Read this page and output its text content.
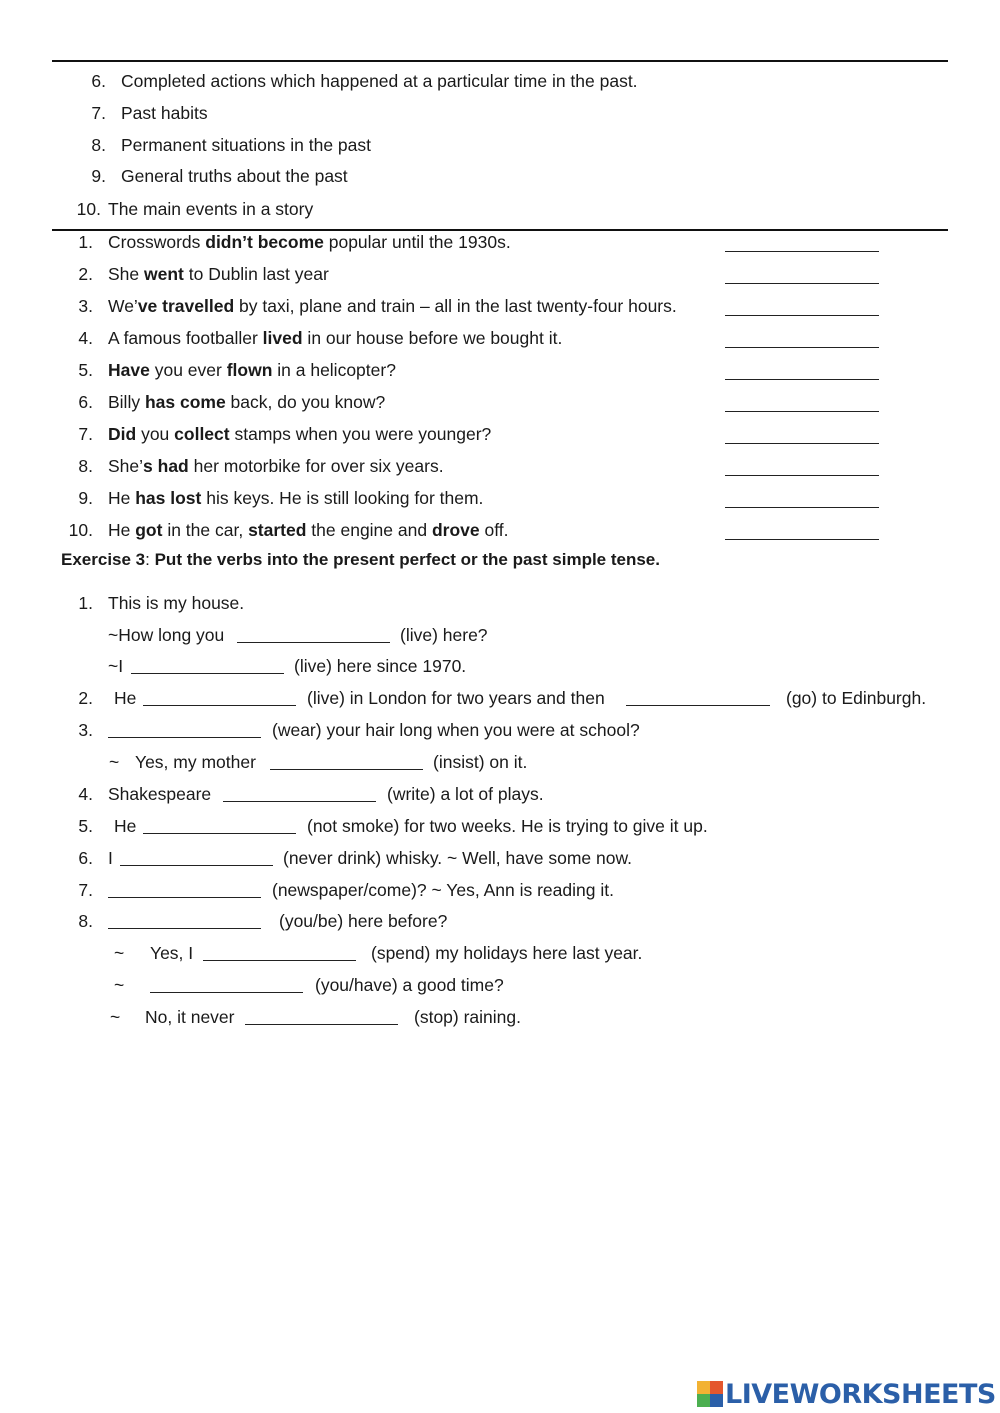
6. Completed actions which happened at a particular time in the past.
7. Past habits
8. Permanent situations in the past
9. General truths about the past
10. The main events in a story
1. Crosswords didn’t become popular until the 1930s.
2. She went to Dublin last year
3. We’ve travelled by taxi, plane and train – all in the last twenty-four hours.
4. A famous footballer lived in our house before we bought it.
5. Have you ever flown in a helicopter?
6. Billy has come back, do you know?
7. Did you collect stamps when you were younger?
8. She’s had her motorbike for over six years.
9. He has lost his keys. He is still looking for them.
10. He got in the car, started the engine and drove off.
Exercise 3: Put the verbs into the present perfect or the past simple tense.
1. This is my house.
~How long you	(live) here?
~I	(live) here since 1970.
2. He	(live) in London for two years and then	(go) to Edinburgh.
3.	(wear) your hair long when you were at school?
~ Yes, my mother	(insist) on it.
4. Shakespeare	(write) a lot of plays.
5. He	(not smoke) for two weeks. He is trying to give it up.
6. I	(never drink) whisky. ~ Well, have some now.
7.	(newspaper/come)? ~ Yes, Ann is reading it.
8.	(you/be) here before?
~ Yes, I	(spend) my holidays here last year.
~	(you/have) a good time?
~ No, it never	(stop) raining.
LIVEWORKSHEETS
